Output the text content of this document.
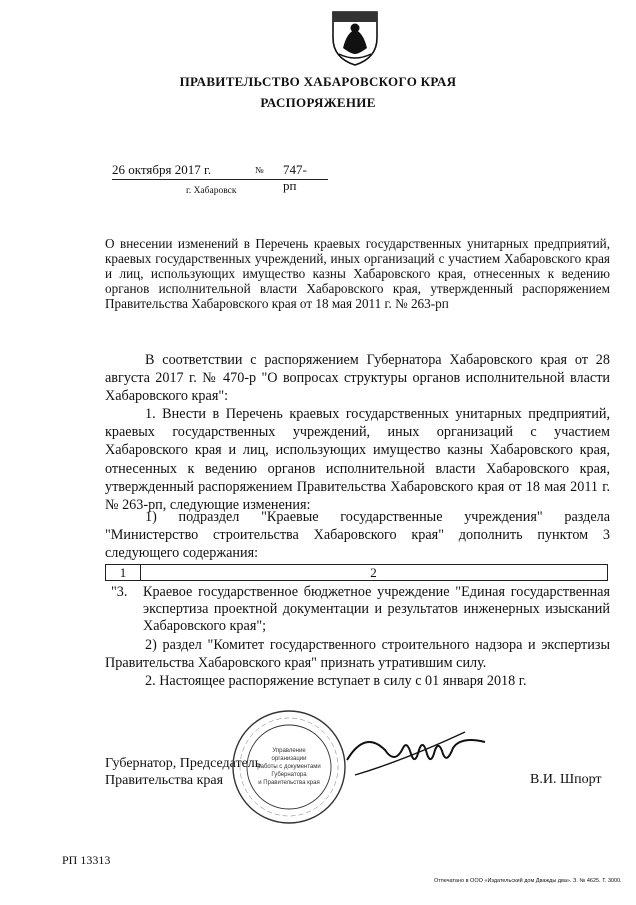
ПРАВИТЕЛЬСТВО ХАБАРОВСКОГО КРАЯ
РАСПОРЯЖЕНИЕ
26 октября 2017 г.	№ 747-рп
г. Хабаровск
О внесении изменений в Перечень краевых государственных унитарных предприятий, краевых государственных учреждений, иных организаций с участием Хабаровского края и лиц, использующих имущество казны Хабаровского края, отнесенных к ведению органов исполнительной власти Хабаровского края, утвержденный распоряжением Правительства Хабаровского края от 18 мая 2011 г. № 263-рп
В соответствии с распоряжением Губернатора Хабаровского края от 28 августа 2017 г. № 470-р "О вопросах структуры органов исполнительной власти Хабаровского края":
1. Внести в Перечень краевых государственных унитарных предприятий, краевых государственных учреждений, иных организаций с участием Хабаровского края и лиц, использующих имущество казны Хабаровского края, отнесенных к ведению органов исполнительной власти Хабаровского края, утвержденный распоряжением Правительства Хабаровского края от 18 мая 2011 г. № 263-рп, следующие изменения:
1) подраздел "Краевые государственные учреждения" раздела "Министерство строительства Хабаровского края" дополнить пунктом 3 следующего содержания:
1	2
"3.	Краевое государственное бюджетное учреждение "Единая государственная экспертиза проектной документации и результатов инженерных изысканий Хабаровского края";
2) раздел "Комитет государственного строительного надзора и экспертизы Правительства Хабаровского края" признать утратившим силу.
2. Настоящее распоряжение вступает в силу с 01 января 2018 г.
Губернатор, Председатель
Правительства края
Управление
организации
работы с документами
Губернатора
и Правительства края	В.И. Шпорт
РП 13313
Отпечатано в ООО «Издательский дом Дважды два». З. № 4625. Т. 3000.
